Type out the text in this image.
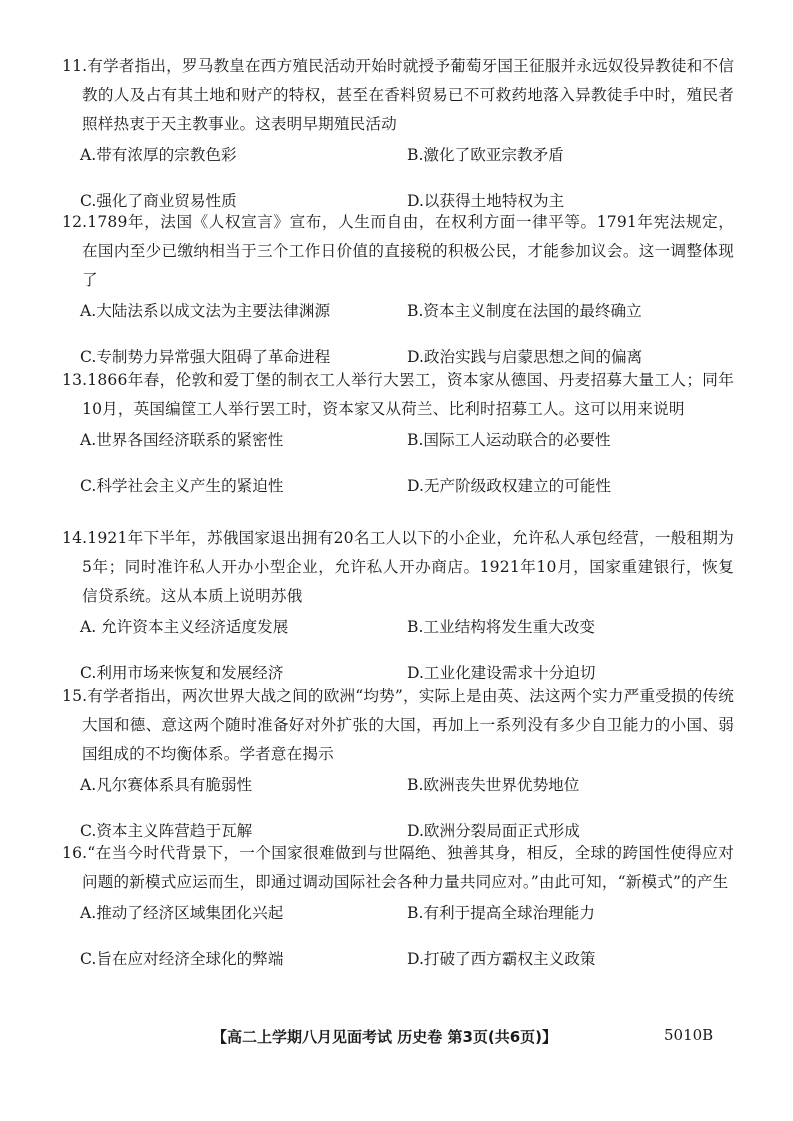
11.有学者指出，罗马教皇在西方殖民活动开始时就授予葡萄牙国王征服并永远奴役异教徒和不信教的人及占有其土地和财产的特权，甚至在香料贸易已不可救药地落入异教徒手中时，殖民者照样热衷于天主教事业。这表明早期殖民活动
A.带有浓厚的宗教色彩	B.激化了欧亚宗教矛盾
C.强化了商业贸易性质	D.以获得土地特权为主
12.1789年，法国《人权宣言》宣布，人生而自由，在权利方面一律平等。1791年宪法规定，在国内至少已缴纳相当于三个工作日价值的直接税的积极公民，才能参加议会。这一调整体现了
A.大陆法系以成文法为主要法律渊源	B.资本主义制度在法国的最终确立
C.专制势力异常强大阻碍了革命进程	D.政治实践与启蒙思想之间的偏离
13.1866年春，伦敦和爱丁堡的制衣工人举行大罢工，资本家从德国、丹麦招募大量工人；同年10月，英国编筐工人举行罢工时，资本家又从荷兰、比利时招募工人。这可以用来说明
A.世界各国经济联系的紧密性	B.国际工人运动联合的必要性
C.科学社会主义产生的紧迫性	D.无产阶级政权建立的可能性
14.1921年下半年，苏俄国家退出拥有20名工人以下的小企业，允许私人承包经营，一般租期为5年；同时准许私人开办小型企业，允许私人开办商店。1921年10月，国家重建银行，恢复信贷系统。这从本质上说明苏俄
A. 允许资本主义经济适度发展	B.工业结构将发生重大改变
C.利用市场来恢复和发展经济	D.工业化建设需求十分迫切
15.有学者指出，两次世界大战之间的欧洲“均势”，实际上是由英、法这两个实力严重受损的传统大国和德、意这两个随时准备好对外扩张的大国，再加上一系列没有多少自卫能力的小国、弱国组成的不均衡体系。学者意在揭示
A.凡尔赛体系具有脆弱性	B.欧洲丧失世界优势地位
C.资本主义阵营趋于瓦解	D.欧洲分裂局面正式形成
16.“在当今时代背景下，一个国家很难做到与世隔绝、独善其身，相反，全球的跨国性使得应对问题的新模式应运而生，即通过调动国际社会各种力量共同应对。”由此可知，“新模式”的产生
A.推动了经济区域集团化兴起	B.有利于提高全球治理能力
C.旨在应对经济全球化的弊端	D.打破了西方霸权主义政策
【高二上学期八月见面考试 历史卷 第3页(共6页)】	5010B
